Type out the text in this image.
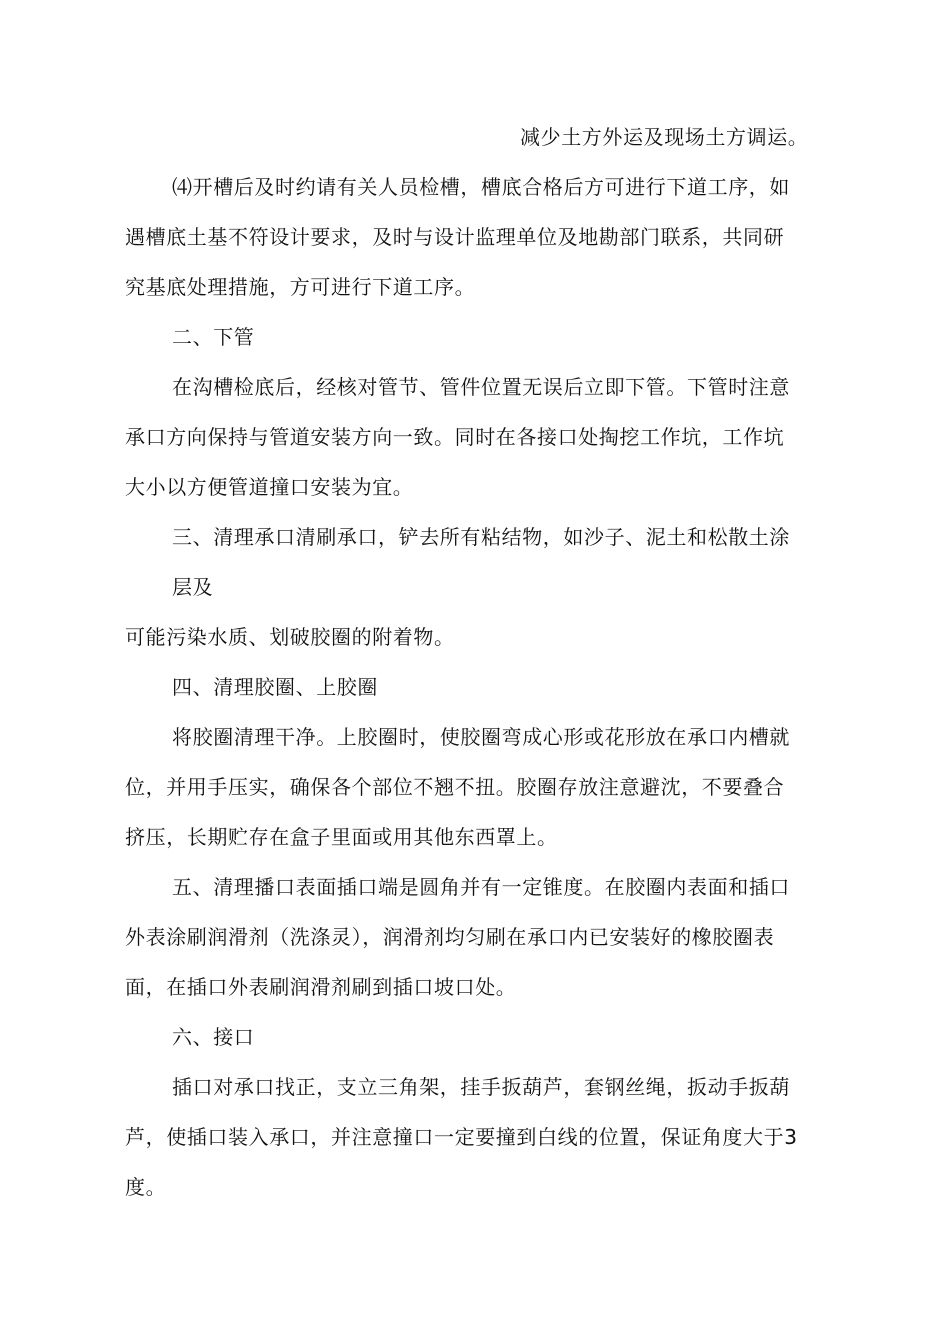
减少土方外运及现场土方调运。
⑷开槽后及时约请有关人员检槽，槽底合格后方可进行下道工序，如
遇槽底土基不符设计要求，及时与设计监理单位及地勘部门联系，共同研
究基底处理措施，方可进行下道工序。
二、下管
在沟槽检底后，经核对管节、管件位置无误后立即下管。下管时注意
承口方向保持与管道安装方向一致。同时在各接口处掏挖工作坑，工作坑
大小以方便管道撞口安装为宜。
三、清理承口清刷承口，铲去所有粘结物，如沙子、泥土和松散土涂
层及
可能污染水质、划破胶圈的附着物。
四、清理胶圈、上胶圈
将胶圈清理干净。上胶圈时，使胶圈弯成心形或花形放在承口内槽就
位，并用手压实，确保各个部位不翘不扭。胶圈存放注意避沈，不要叠合
挤压，长期贮存在盒子里面或用其他东西罩上。
五、清理播口表面插口端是圆角并有一定锥度。在胶圈内表面和插口
外表涂刷润滑剂（洗涤灵），润滑剂均匀刷在承口内已安装好的橡胶圈表
面，在插口外表刷润滑剂刷到插口坡口处。
六、接口
插口对承口找正，支立三角架，挂手扳葫芦，套钢丝绳，扳动手扳葫
芦，使插口装入承口，并注意撞口一定要撞到白线的位置，保证角度大于3
度。
